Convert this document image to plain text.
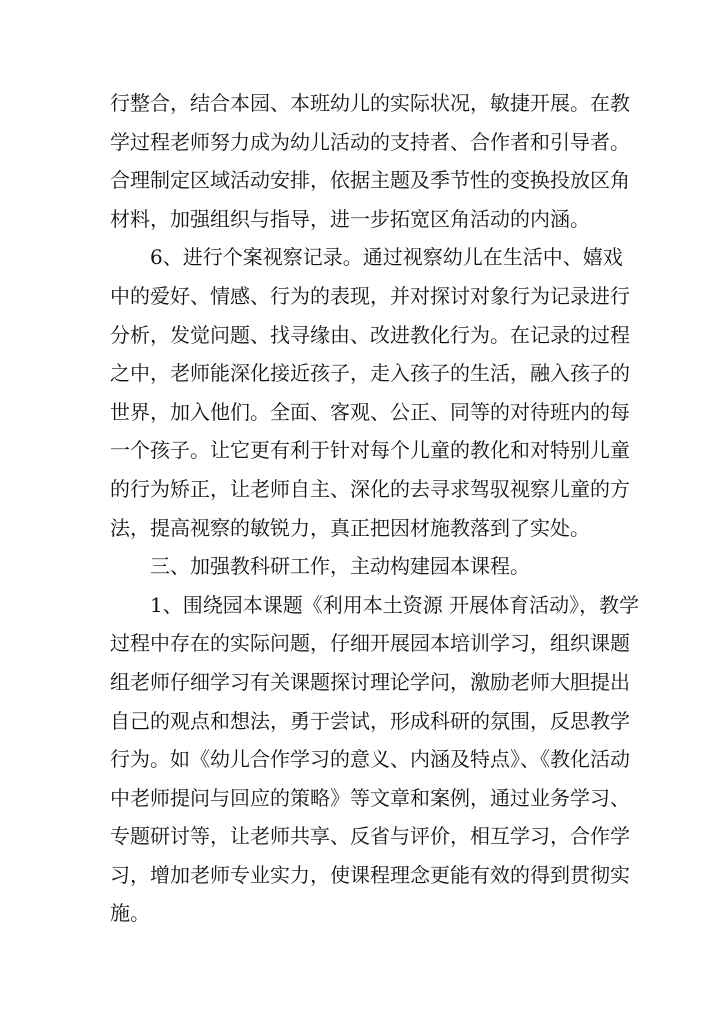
行整合，结合本园、本班幼儿的实际状况，敏捷开展。在教
学过程老师努力成为幼儿活动的支持者、合作者和引导者。
合理制定区域活动安排，依据主题及季节性的变换投放区角
材料，加强组织与指导，进一步拓宽区角活动的内涵。
6、进行个案视察记录。通过视察幼儿在生活中、嬉戏
中的爱好、情感、行为的表现，并对探讨对象行为记录进行
分析，发觉问题、找寻缘由、改进教化行为。在记录的过程
之中，老师能深化接近孩子，走入孩子的生活，融入孩子的
世界，加入他们。全面、客观、公正、同等的对待班内的每
一个孩子。让它更有利于针对每个儿童的教化和对特别儿童
的行为矫正，让老师自主、深化的去寻求驾驭视察儿童的方
法，提高视察的敏锐力，真正把因材施教落到了实处。
三、加强教科研工作，主动构建园本课程。
1、围绕园本课题《利用本土资源 开展体育活动》，教学
过程中存在的实际问题，仔细开展园本培训学习，组织课题
组老师仔细学习有关课题探讨理论学问，激励老师大胆提出
自己的观点和想法，勇于尝试，形成科研的氛围，反思教学
行为。如《幼儿合作学习的意义、内涵及特点》、《教化活动
中老师提问与回应的策略》等文章和案例，通过业务学习、
专题研讨等，让老师共享、反省与评价，相互学习，合作学
习，增加老师专业实力，使课程理念更能有效的得到贯彻实
施。
